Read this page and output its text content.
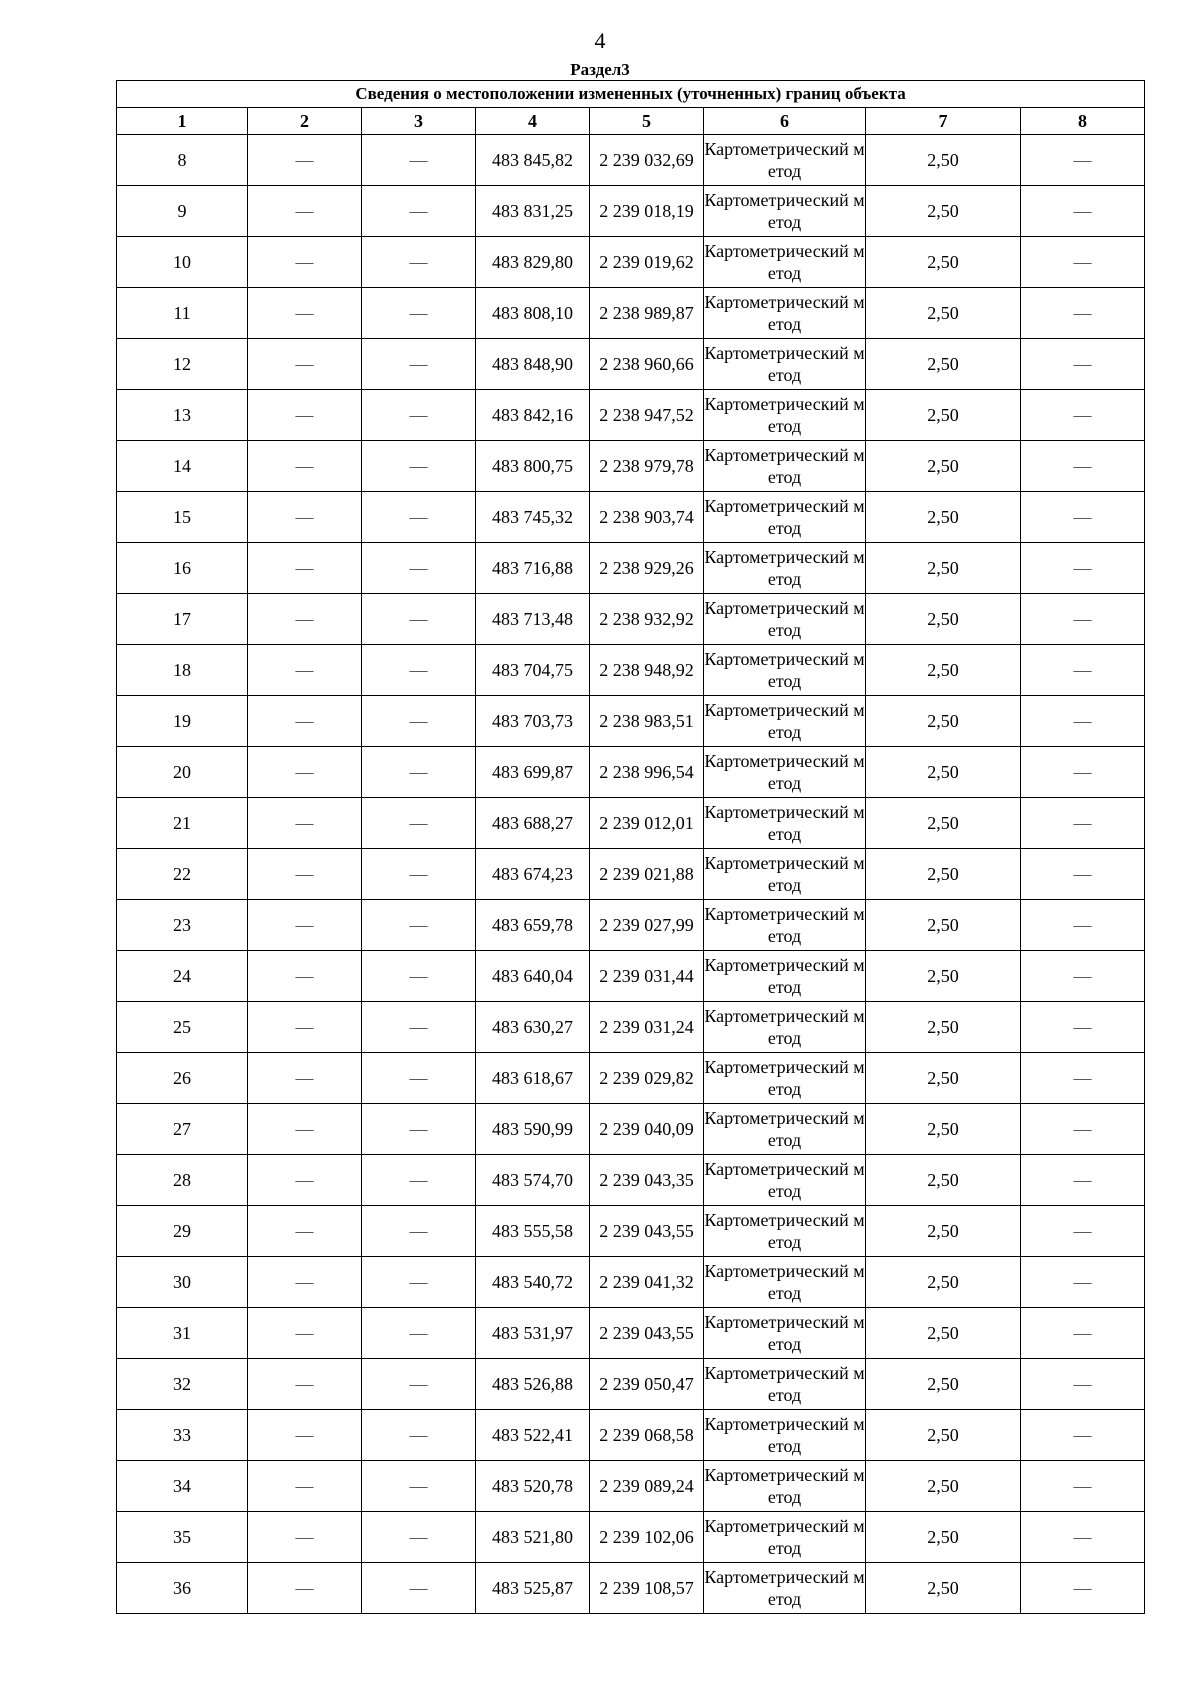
4
Раздел3
Сведения о местоположении измененных (уточненных) границ объекта							
1	2	3	4	5	6	7	8
8	—	—	483 845,82	2 239 032,69	Картометрический метод	2,50	—
9	—	—	483 831,25	2 239 018,19	Картометрический метод	2,50	—
10	—	—	483 829,80	2 239 019,62	Картометрический метод	2,50	—
11	—	—	483 808,10	2 238 989,87	Картометрический метод	2,50	—
12	—	—	483 848,90	2 238 960,66	Картометрический метод	2,50	—
13	—	—	483 842,16	2 238 947,52	Картометрический метод	2,50	—
14	—	—	483 800,75	2 238 979,78	Картометрический метод	2,50	—
15	—	—	483 745,32	2 238 903,74	Картометрический метод	2,50	—
16	—	—	483 716,88	2 238 929,26	Картометрический метод	2,50	—
17	—	—	483 713,48	2 238 932,92	Картометрический метод	2,50	—
18	—	—	483 704,75	2 238 948,92	Картометрический метод	2,50	—
19	—	—	483 703,73	2 238 983,51	Картометрический метод	2,50	—
20	—	—	483 699,87	2 238 996,54	Картометрический метод	2,50	—
21	—	—	483 688,27	2 239 012,01	Картометрический метод	2,50	—
22	—	—	483 674,23	2 239 021,88	Картометрический метод	2,50	—
23	—	—	483 659,78	2 239 027,99	Картометрический метод	2,50	—
24	—	—	483 640,04	2 239 031,44	Картометрический метод	2,50	—
25	—	—	483 630,27	2 239 031,24	Картометрический метод	2,50	—
26	—	—	483 618,67	2 239 029,82	Картометрический метод	2,50	—
27	—	—	483 590,99	2 239 040,09	Картометрический метод	2,50	—
28	—	—	483 574,70	2 239 043,35	Картометрический метод	2,50	—
29	—	—	483 555,58	2 239 043,55	Картометрический метод	2,50	—
30	—	—	483 540,72	2 239 041,32	Картометрический метод	2,50	—
31	—	—	483 531,97	2 239 043,55	Картометрический метод	2,50	—
32	—	—	483 526,88	2 239 050,47	Картометрический метод	2,50	—
33	—	—	483 522,41	2 239 068,58	Картометрический метод	2,50	—
34	—	—	483 520,78	2 239 089,24	Картометрический метод	2,50	—
35	—	—	483 521,80	2 239 102,06	Картометрический метод	2,50	—
36	—	—	483 525,87	2 239 108,57	Картометрический метод	2,50	—
